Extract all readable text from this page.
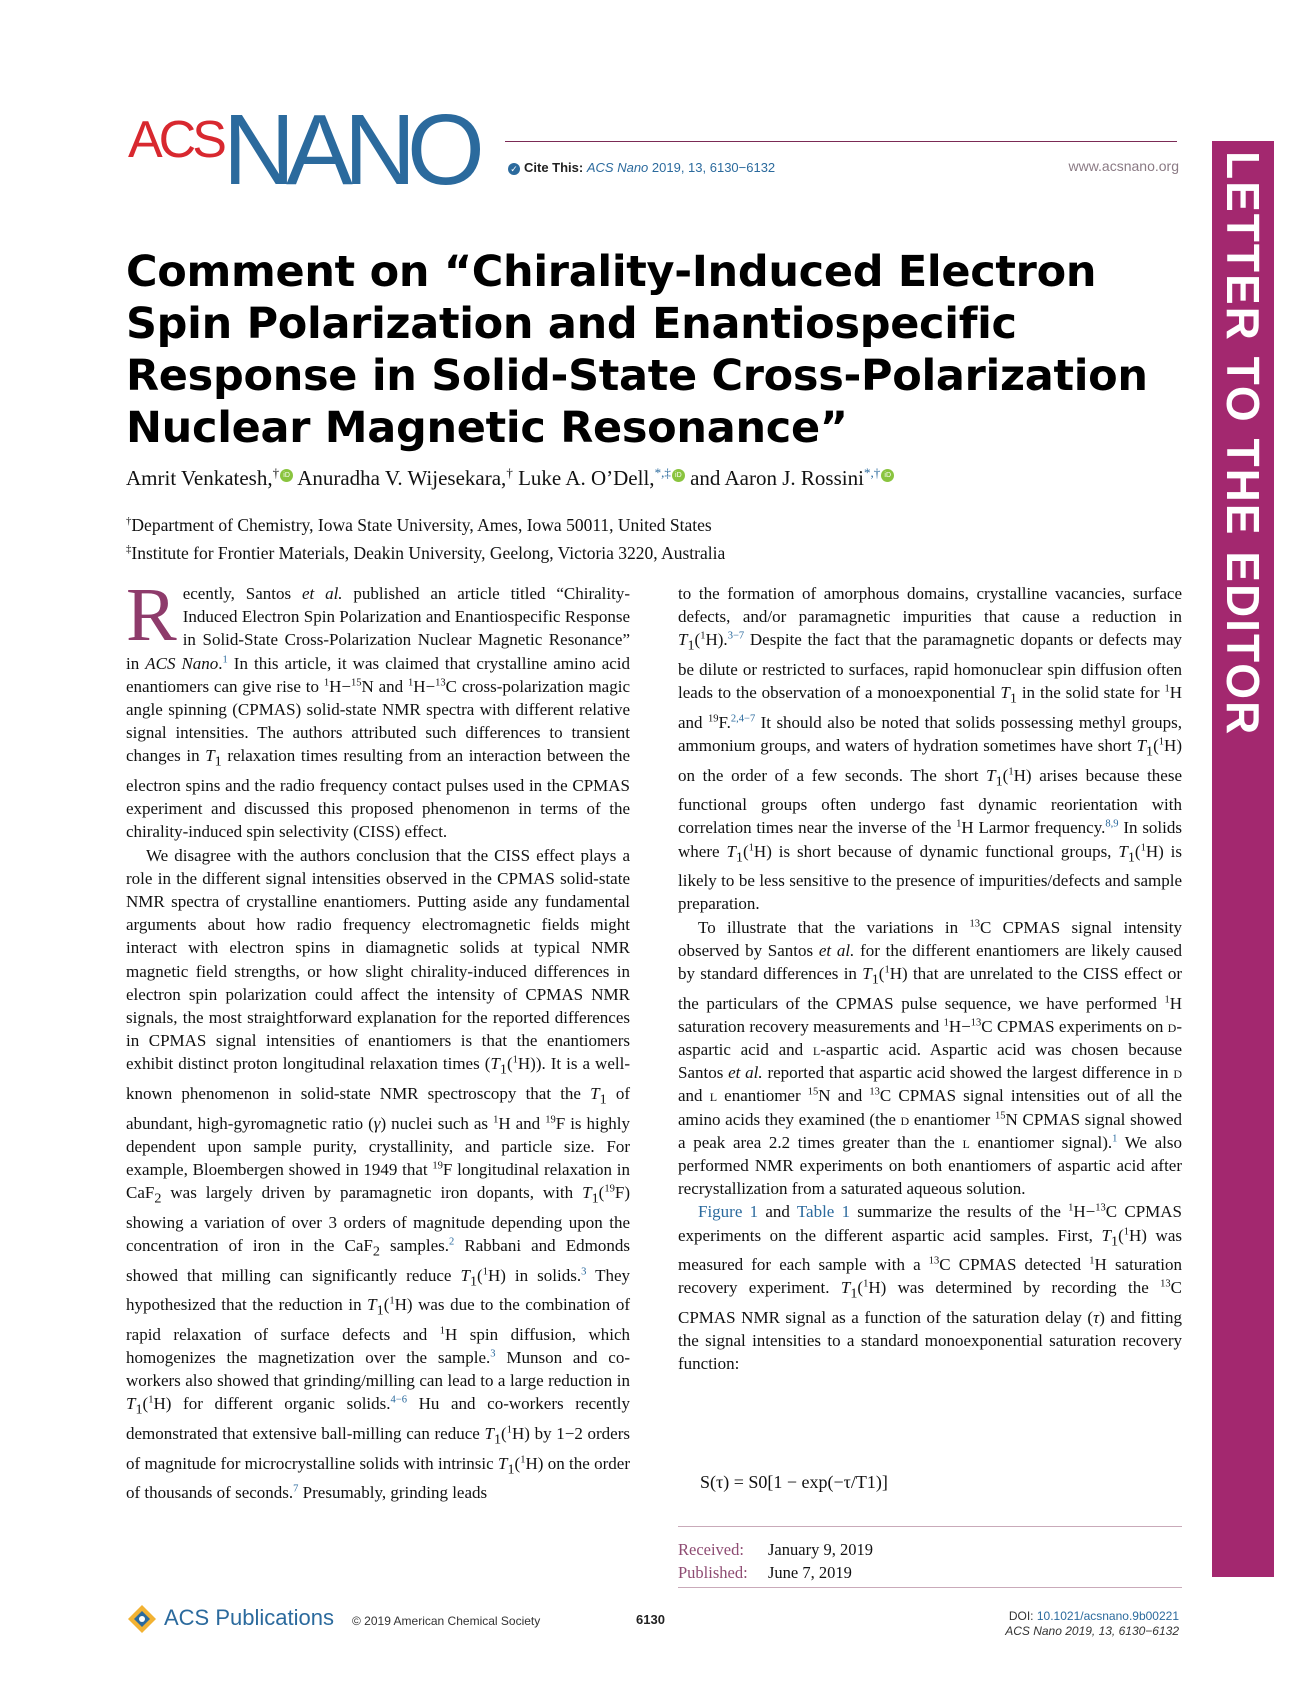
ACSNANO	✓ Cite This: ACS Nano 2019, 13, 6130−6132	www.acsnano.org LETTER TO THE EDITOR
Comment on “Chirality-Induced Electron Spin Polarization and Enantiospecific Response in Solid-State Cross-Polarization Nuclear Magnetic Resonance”
Amrit Venkatesh,† iD Anuradha V. Wijesekara,† Luke A. O’Dell,*,‡ iD and Aaron J. Rossini*,† iD
†Department of Chemistry, Iowa State University, Ames, Iowa 50011, United States
‡Institute for Frontier Materials, Deakin University, Geelong, Victoria 3220, Australia

Recently, Santos et al. published an article titled “Chirality-Induced Electron Spin Polarization and Enantiospecific Response in Solid-State Cross-Polarization Nuclear Magnetic Resonance” in ACS Nano.$^1$ In this article, it was claimed that crystalline amino acid enantiomers can give rise to $^1$H−$^{15}$N and $^1$H−$^{13}$C cross-polarization magic angle spinning (CPMAS) solid-state NMR spectra with different relative signal intensities. The authors attributed such differences to transient changes in $T_1$ relaxation times resulting from an interaction between the electron spins and the radio frequency contact pulses used in the CPMAS experiment and discussed this proposed phenomenon in terms of the chirality-induced spin selectivity (CISS) effect.

We disagree with the authors conclusion that the CISS effect plays a role in the different signal intensities observed in the CPMAS solid-state NMR spectra of crystalline enantiomers. Putting aside any fundamental arguments about how radio frequency electromagnetic fields might interact with electron spins in diamagnetic solids at typical NMR magnetic field strengths, or how slight chirality-induced differences in electron spin polarization could affect the intensity of CPMAS NMR signals, the most straightforward explanation for the reported differences in CPMAS signal intensities of enantiomers is that the enantiomers exhibit distinct proton longitudinal relaxation times $(T_1(^1H))$. It is a well-known phenomenon in solid-state NMR spectroscopy that the $T_1$ of abundant, high-gyromagnetic ratio (γ) nuclei such as $^1$H and $^{19}$F is highly dependent upon sample purity, crystallinity, and particle size. For example, Bloembergen showed in 1949 that $^{19}$F longitudinal relaxation in CaF$_2$ was largely driven by paramagnetic iron dopants, with $T_1(^{19}F)$ showing a variation of over 3 orders of magnitude depending upon the concentration of iron in the CaF$_2$ samples.$^2$ Rabbani and Edmonds showed that milling can significantly reduce $T_1(^1H)$ in solids.$^3$ They hypothesized that the reduction in $T_1(^1H)$ was due to the combination of rapid relaxation of surface defects and $^1$H spin diffusion, which homogenizes the magnetization over the sample.$^3$ Munson and co-workers also showed that grinding/milling can lead to a large reduction in $T_1(^1H)$ for different organic solids.$^{4-6}$ Hu and co-workers recently demonstrated that extensive ball-milling can reduce $T_1(^1H)$ by 1−2 orders of magnitude for microcrystalline solids with intrinsic $T_1(^1H)$ on the order of thousands of seconds.$^7$ Presumably, grinding leads

to the formation of amorphous domains, crystalline vacancies, surface defects, and/or paramagnetic impurities that cause a reduction in $T_1(^1H).^{3-7}$ Despite the fact that the paramagnetic dopants or defects may be dilute or restricted to surfaces, rapid homonuclear spin diffusion often leads to the observation of a monoexponential $T_1$ in the solid state for $^1$H and $^{19}$F.$^{2,4-7}$ It should also be noted that solids possessing methyl groups, ammonium groups, and waters of hydration sometimes have short $T_1(^1H)$ on the order of a few seconds. The short $T_1(^1H)$ arises because these functional groups often undergo fast dynamic reorientation with correlation times near the inverse of the $^1$H Larmor frequency.$^{8,9}$ In solids where $T_1(^1H)$ is short because of dynamic functional groups, $T_1(^1H)$ is likely to be less sensitive to the presence of impurities/defects and sample preparation.

To illustrate that the variations in $^{13}$C CPMAS signal intensity observed by Santos et al. for the different enantiomers are likely caused by standard differences in $T_1(^1H)$ that are unrelated to the CISS effect or the particulars of the CPMAS pulse sequence, we have performed $^1$H saturation recovery measurements and $^1$H−$^{13}$C CPMAS experiments on d-aspartic acid and l-aspartic acid. Aspartic acid was chosen because Santos et al. reported that aspartic acid showed the largest difference in d and l enantiomer $^{15}$N and $^{13}$C CPMAS signal intensities out of all the amino acids they examined (the d enantiomer $^{15}$N CPMAS signal showed a peak area 2.2 times greater than the l enantiomer signal).$^1$ We also performed NMR experiments on both enantiomers of aspartic acid after recrystallization from a saturated aqueous solution.

Figure 1 and Table 1 summarize the results of the $^1$H−$^{13}$C CPMAS experiments on the different aspartic acid samples. First, $T_1(^1H)$ was measured for each sample with a $^{13}$C CPMAS detected $^1$H saturation recovery experiment. $T_1(^1H)$ was determined by recording the $^{13}$C CPMAS NMR signal as a function of the saturation delay (τ) and fitting the signal intensities to a standard monoexponential saturation recovery function:

S(τ) = S0[1 − exp(−τ/T1)]
Received: January 9, 2019
Published: June 7, 2019
ACS Publications © 2019 American Chemical Society	6130	DOI: 10.1021/acsnano.9b00221
ACS Nano 2019, 13, 6130−6132
